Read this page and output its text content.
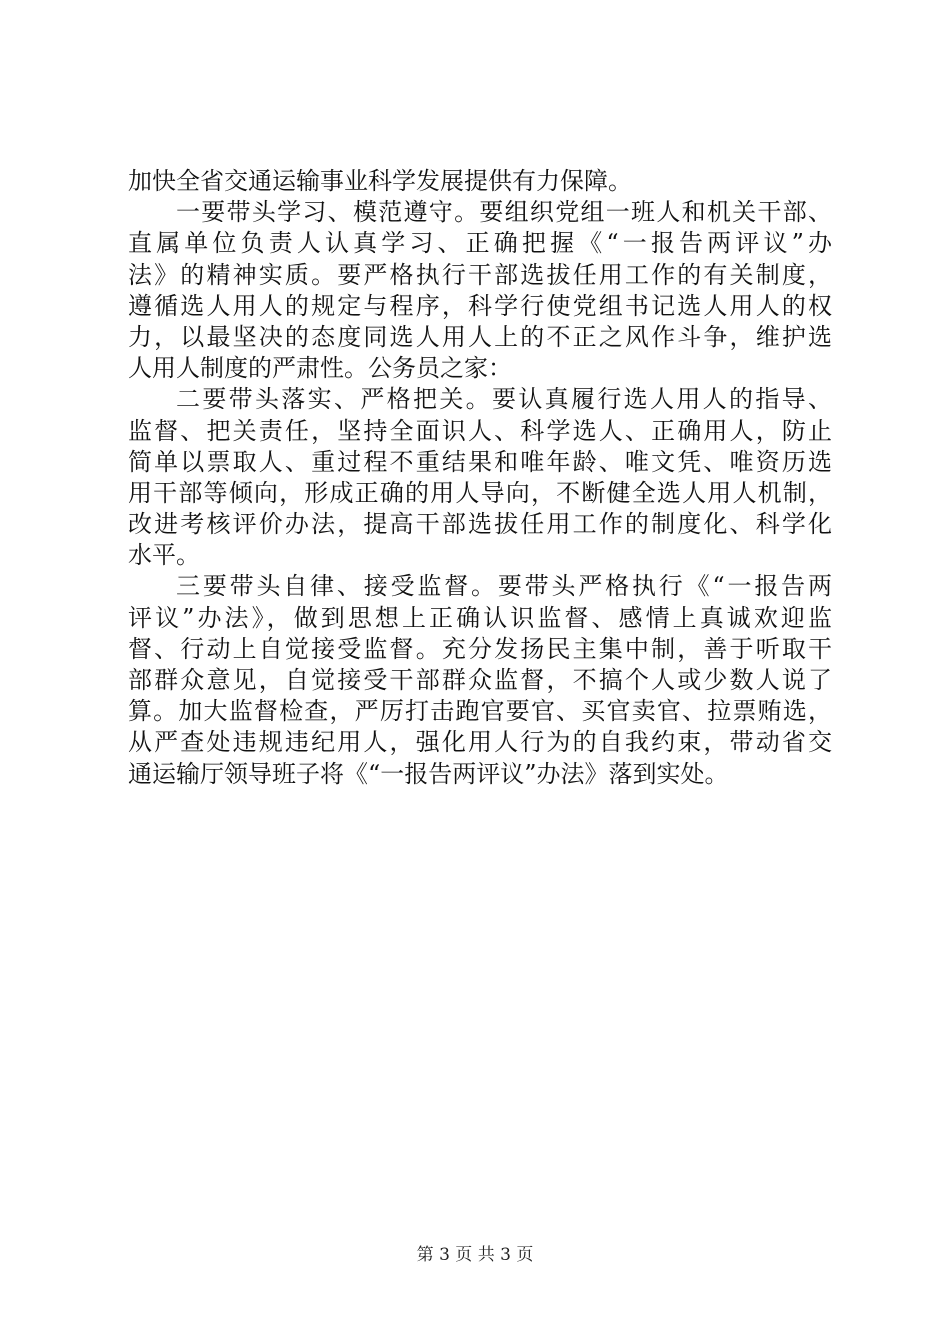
加快全省交通运输事业科学发展提供有力保障。
一要带头学习、模范遵守。要组织党组一班人和机关干部、
直属单位负责人认真学习、正确把握《“一报告两评议”办
法》的精神实质。要严格执行干部选拔任用工作的有关制度，
遵循选人用人的规定与程序，科学行使党组书记选人用人的权
力，以最坚决的态度同选人用人上的不正之风作斗争，维护选
人用人制度的严肃性。公务员之家：
二要带头落实、严格把关。要认真履行选人用人的指导、
监督、把关责任，坚持全面识人、科学选人、正确用人，防止
简单以票取人、重过程不重结果和唯年龄、唯文凭、唯资历选
用干部等倾向，形成正确的用人导向，不断健全选人用人机制，
改进考核评价办法，提高干部选拔任用工作的制度化、科学化
水平。
三要带头自律、接受监督。要带头严格执行《“一报告两
评议”办法》，做到思想上正确认识监督、感情上真诚欢迎监
督、行动上自觉接受监督。充分发扬民主集中制，善于听取干
部群众意见，自觉接受干部群众监督，不搞个人或少数人说了
算。加大监督检查，严厉打击跑官要官、买官卖官、拉票贿选，
从严查处违规违纪用人，强化用人行为的自我约束，带动省交
通运输厅领导班子将《“一报告两评议”办法》落到实处。
第 3 页 共 3 页
